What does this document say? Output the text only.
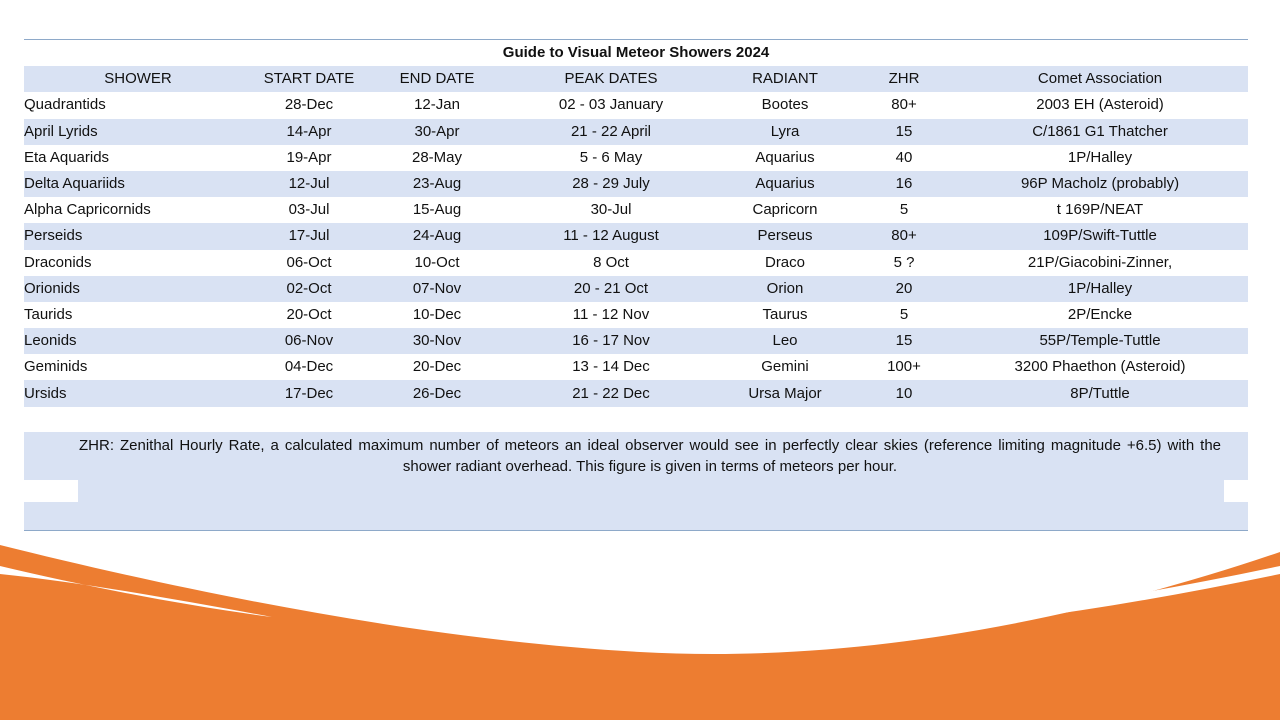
Guide to Visual Meteor Showers 2024						
SHOWER	START DATE	END DATE	PEAK DATES	RADIANT	ZHR	Comet Association
Quadrantids	28-Dec	12-Jan	02 - 03 January	Bootes	80+	2003 EH (Asteroid)
April Lyrids	14-Apr	30-Apr	21 - 22 April	Lyra	15	C/1861 G1 Thatcher
Eta Aquarids	19-Apr	28-May	5 - 6 May	Aquarius	40	1P/Halley
Delta Aquariids	12-Jul	23-Aug	28 - 29 July	Aquarius	16	96P Macholz (probably)
Alpha Capricornids	03-Jul	15-Aug	30-Jul	Capricorn	5	t 169P/NEAT
Perseids	17-Jul	24-Aug	11 - 12 August	Perseus	80+	109P/Swift-Tuttle
Draconids	06-Oct	10-Oct	8 Oct	Draco	5 ?	21P/Giacobini-Zinner,
Orionids	02-Oct	07-Nov	20 - 21 Oct	Orion	20	1P/Halley
Taurids	20-Oct	10-Dec	11 - 12 Nov	Taurus	5	2P/Encke
Leonids	06-Nov	30-Nov	16 - 17 Nov	Leo	15	55P/Temple-Tuttle
Geminids	04-Dec	20-Dec	13 - 14 Dec	Gemini	100+	3200 Phaethon (Asteroid)
Ursids	17-Dec	26-Dec	21 - 22 Dec	Ursa Major	10	8P/Tuttle

ZHR: Zenithal Hourly Rate, a calculated maximum number of meteors an ideal observer would see in perfectly clear skies (reference limiting magnitude +6.5) with the shower radiant overhead. This figure is given in terms of meteors per hour.
